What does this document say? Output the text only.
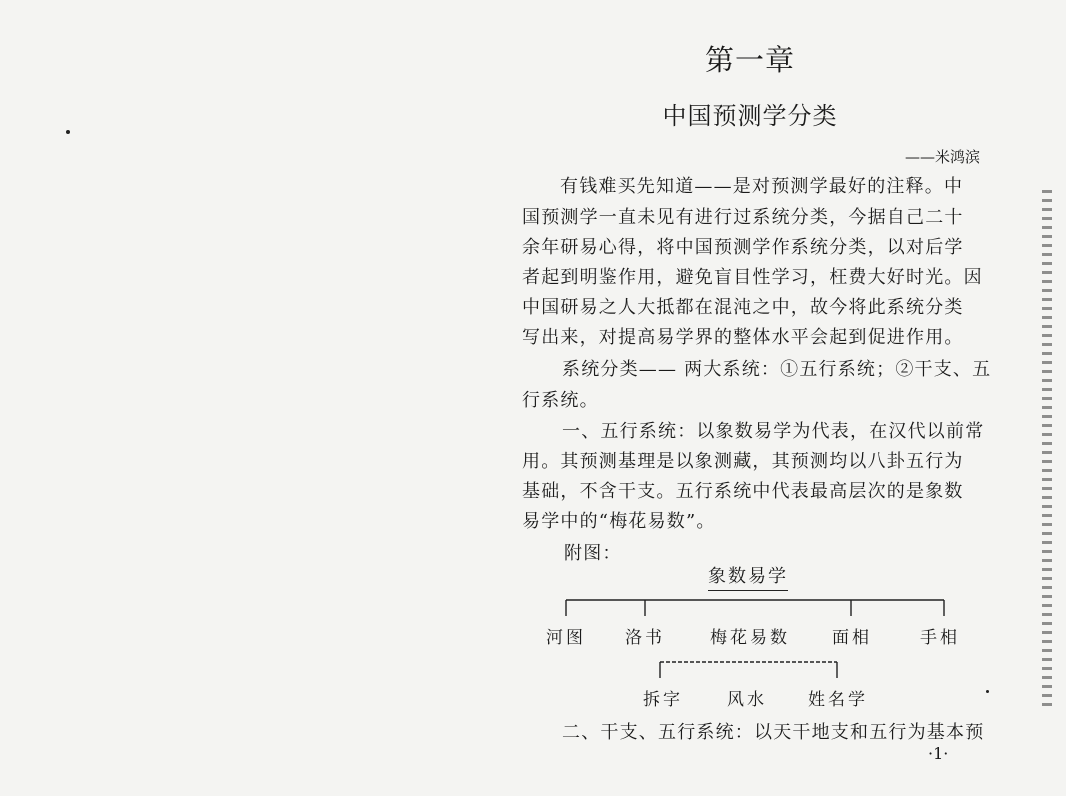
第一章
中国预测学分类
——米鸿滨
有钱难买先知道——是对预测学最好的注释。中
国预测学一直未见有进行过系统分类，今据自己二十
余年研易心得，将中国预测学作系统分类，以对后学
者起到明鉴作用，避免盲目性学习，枉费大好时光。因
中国研易之人大抵都在混沌之中，故今将此系统分类
写出来，对提高易学界的整体水平会起到促进作用。
系统分类—— 两大系统：①五行系统；②干支、五
行系统。
一、五行系统：以象数易学为代表，在汉代以前常
用。其预测基理是以象测藏，其预测均以八卦五行为
基础，不含干支。五行系统中代表最高层次的是象数
易学中的“梅花易数”。
附图：
象数易学
河图 洛书	梅花易数 面相	手相
拆字	风水 姓名学
二、干支、五行系统：以天干地支和五行为基本预
·1·
